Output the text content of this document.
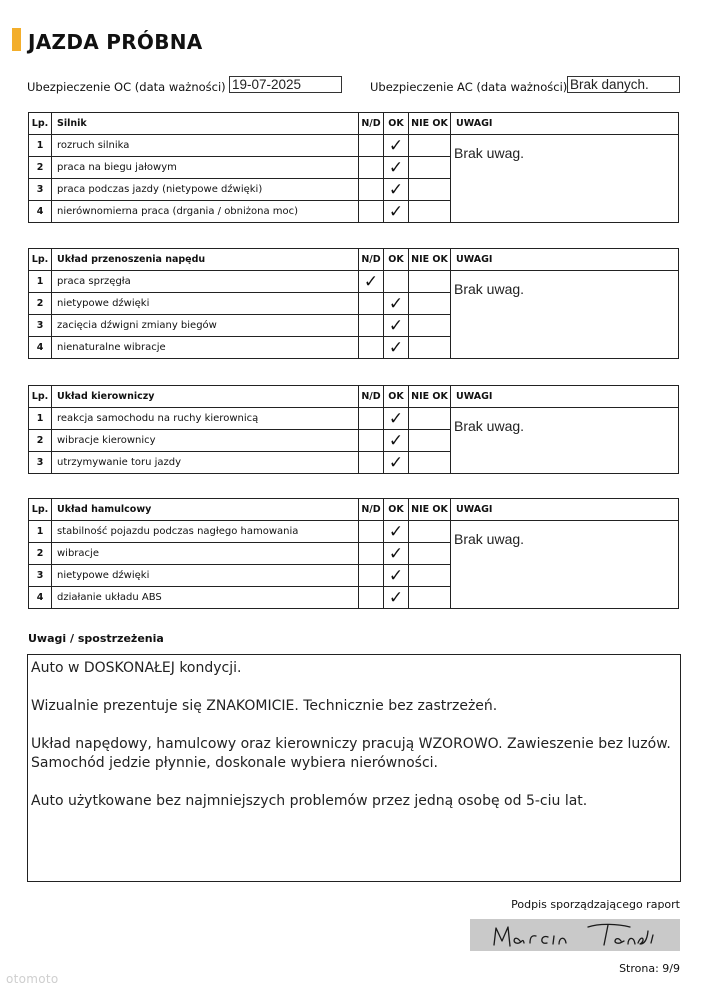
JAZDA PRÓBNA
Ubezpieczenie OC (data ważności) 19-07-2025	Ubezpieczenie AC (data ważności) Brak danych.
Lp.	Silnik	N/D	OK	NIE OK	UWAGI
1	rozruch silnika		✓		Brak uwag.
2	praca na biegu jałowym		✓		
3	praca podczas jazdy (nietypowe dźwięki)		✓		
4	nierównomierna praca (drgania / obniżona moc)		✓		
Lp.	Układ przenoszenia napędu	N/D	OK	NIE OK	UWAGI
1	praca sprzęgła	✓			Brak uwag.
2	nietypowe dźwięki		✓		
3	zacięcia dźwigni zmiany biegów		✓		
4	nienaturalne wibracje		✓		
Lp.	Układ kierowniczy	N/D	OK	NIE OK	UWAGI
1	reakcja samochodu na ruchy kierownicą		✓		Brak uwag.
2	wibracje kierownicy		✓		
3	utrzymywanie toru jazdy		✓		
Lp.	Układ hamulcowy	N/D	OK	NIE OK	UWAGI
1	stabilność pojazdu podczas nagłego hamowania		✓		Brak uwag.
2	wibracje		✓		
3	nietypowe dźwięki		✓		
4	działanie układu ABS		✓		
Uwagi / spostrzeżenia

Auto w DOSKONAŁEJ kondycji.

Wizualnie prezentuje się ZNAKOMICIE. Technicznie bez zastrzeżeń.

Układ napędowy, hamulcowy oraz kierowniczy pracują WZOROWO. Zawieszenie bez luzów. Samochód jedzie płynnie, doskonale wybiera nierówności.

Auto użytkowane bez najmniejszych problemów przez jedną osobę od 5-ciu lat.

Podpis sporządzającego raport
Strona: 9/9
otomoto
